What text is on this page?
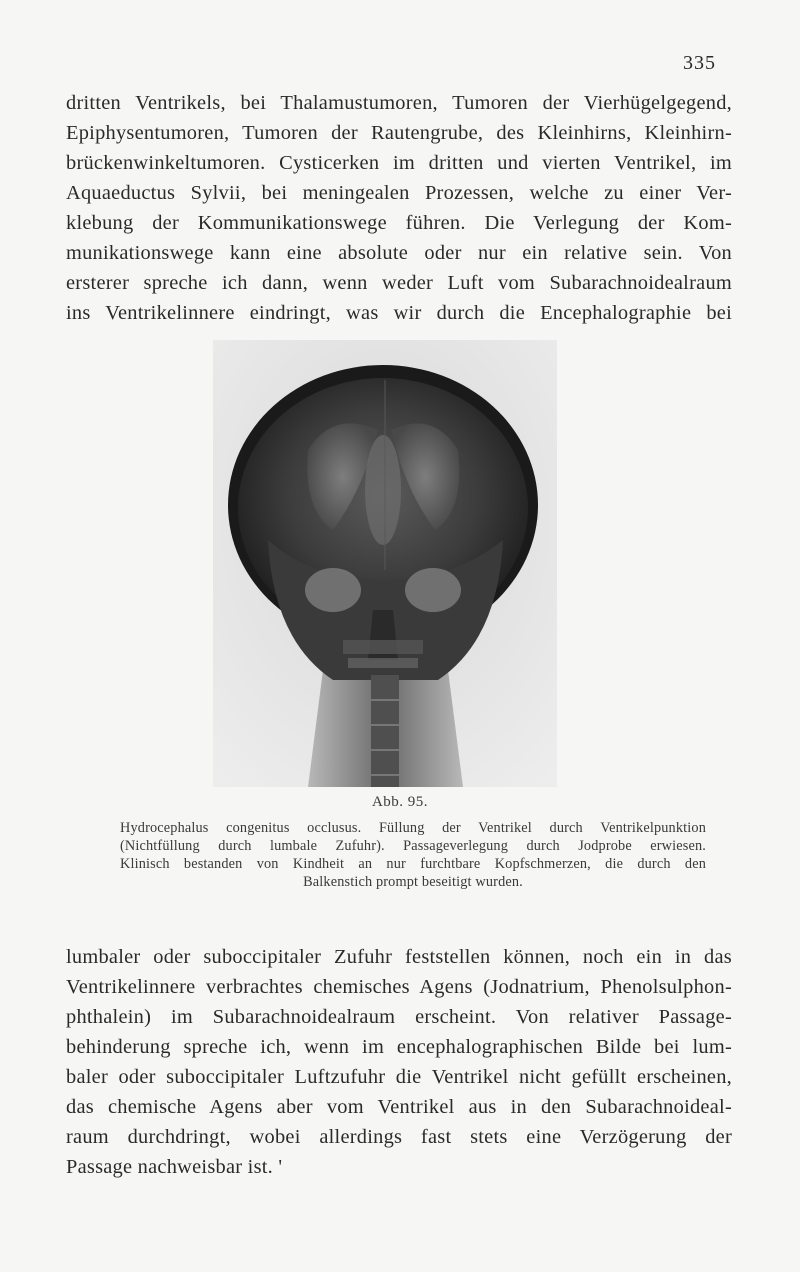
335
dritten Ventrikels, bei Thalamustumoren, Tumoren der Vierhügelgegend,
Epiphysentumoren, Tumoren der Rautengrube, des Kleinhirns, Kleinhirn-
brückenwinkeltumoren. Cysticerken im dritten und vierten Ventrikel, im
Aquaeductus Sylvii, bei meningealen Prozessen, welche zu einer Ver-
klebung der Kommunikationswege führen. Die Verlegung der Kom-
munikationswege kann eine absolute oder nur ein relative sein. Von
ersterer spreche ich dann, wenn weder Luft vom Subarachnoidealraum
ins Ventrikelinnere eindringt, was wir durch die Encephalographie bei
Abb. 95.
Hydrocephalus congenitus occlusus. Füllung der Ventrikel durch Ventrikelpunktion
(Nichtfüllung durch lumbale Zufuhr). Passageverlegung durch Jodprobe erwiesen.
Klinisch bestanden von Kindheit an nur furchtbare Kopfschmerzen, die durch den
Balkenstich prompt beseitigt wurden.
lumbaler oder suboccipitaler Zufuhr feststellen können, noch ein in das
Ventrikelinnere verbrachtes chemisches Agens (Jodnatrium, Phenolsulphon-
phthalein) im Subarachnoidealraum erscheint. Von relativer Passage-
behinderung spreche ich, wenn im encephalographischen Bilde bei lum-
baler oder suboccipitaler Luftzufuhr die Ventrikel nicht gefüllt erscheinen,
das chemische Agens aber vom Ventrikel aus in den Subarachnoideal-
raum durchdringt, wobei allerdings fast stets eine Verzögerung der
Passage nachweisbar ist. '
